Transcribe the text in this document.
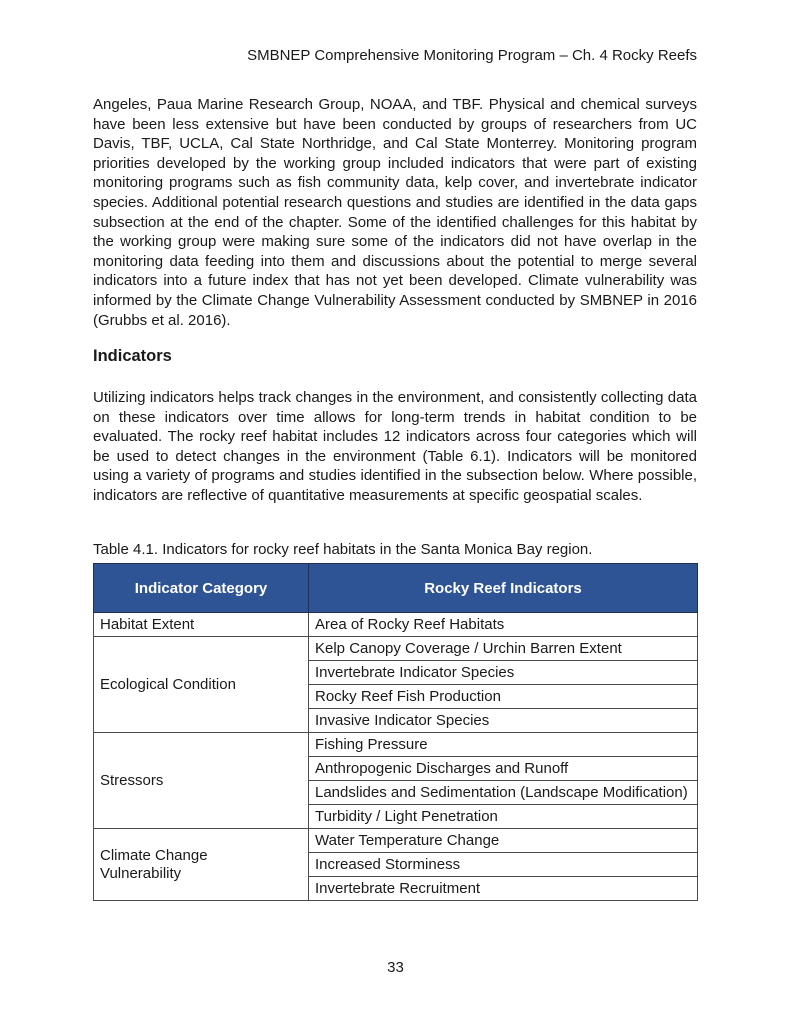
SMBNEP Comprehensive Monitoring Program – Ch. 4 Rocky Reefs

Angeles, Paua Marine Research Group, NOAA, and TBF. Physical and chemical surveys have been less extensive but have been conducted by groups of researchers from UC Davis, TBF, UCLA, Cal State Northridge, and Cal State Monterrey. Monitoring program priorities developed by the working group included indicators that were part of existing monitoring programs such as fish community data, kelp cover, and invertebrate indicator species. Additional potential research questions and studies are identified in the data gaps subsection at the end of the chapter. Some of the identified challenges for this habitat by the working group were making sure some of the indicators did not have overlap in the monitoring data feeding into them and discussions about the potential to merge several indicators into a future index that has not yet been developed. Climate vulnerability was informed by the Climate Change Vulnerability Assessment conducted by SMBNEP in 2016 (Grubbs et al. 2016).

Indicators

Utilizing indicators helps track changes in the environment, and consistently collecting data on these indicators over time allows for long-term trends in habitat condition to be evaluated. The rocky reef habitat includes 12 indicators across four categories which will be used to detect changes in the environment (Table 6.1). Indicators will be monitored using a variety of programs and studies identified in the subsection below. Where possible, indicators are reflective of quantitative measurements at specific geospatial scales.

Table 4.1. Indicators for rocky reef habitats in the Santa Monica Bay region.

Indicator Category	Rocky Reef Indicators
Habitat Extent	Area of Rocky Reef Habitats
Ecological Condition	Kelp Canopy Coverage / Urchin Barren Extent
	Invertebrate Indicator Species
	Rocky Reef Fish Production
	Invasive Indicator Species
Stressors	Fishing Pressure
	Anthropogenic Discharges and Runoff
	Landslides and Sedimentation (Landscape Modification)
	Turbidity / Light Penetration
Climate Change Vulnerability	Water Temperature Change
	Increased Storminess
	Invertebrate Recruitment
33
